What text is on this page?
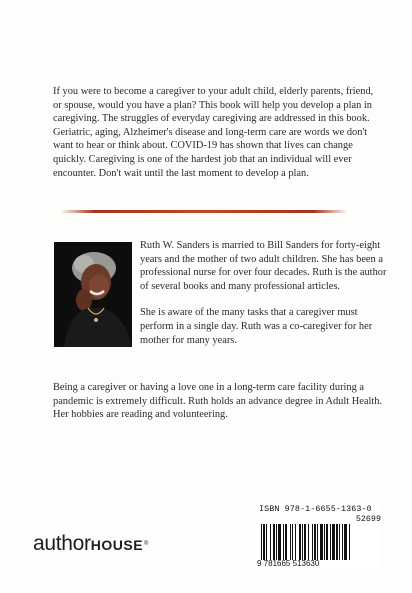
If you were to become a caregiver to your adult child, elderly parents, friend, or spouse, would you have a plan? This book will help you develop a plan in caregiving. The struggles of everyday caregiving are addressed in this book. Geriatric, aging, Alzheimer's disease and long-term care are words we don't want to hear or think about. COVID-19 has shown that lives can change quickly. Caregiving is one of the hardest job that an individual will ever encounter. Don't wait until the last moment to develop a plan.

Ruth W. Sanders is married to Bill Sanders for forty-eight years and the mother of two adult children. She has been a professional nurse for over four decades. Ruth is the author of several books and many professional articles.

She is aware of the many tasks that a caregiver must perform in a single day. Ruth was a co-caregiver for her mother for many years.

Being a caregiver or having a love one in a long-term care facility during a pandemic is extremely difficult. Ruth holds an advance degree in Adult Health. Her hobbies are reading and volunteering.
authorHOUSE®
ISBN 978-1-6655-1363-0
52699
9 781665 513630
